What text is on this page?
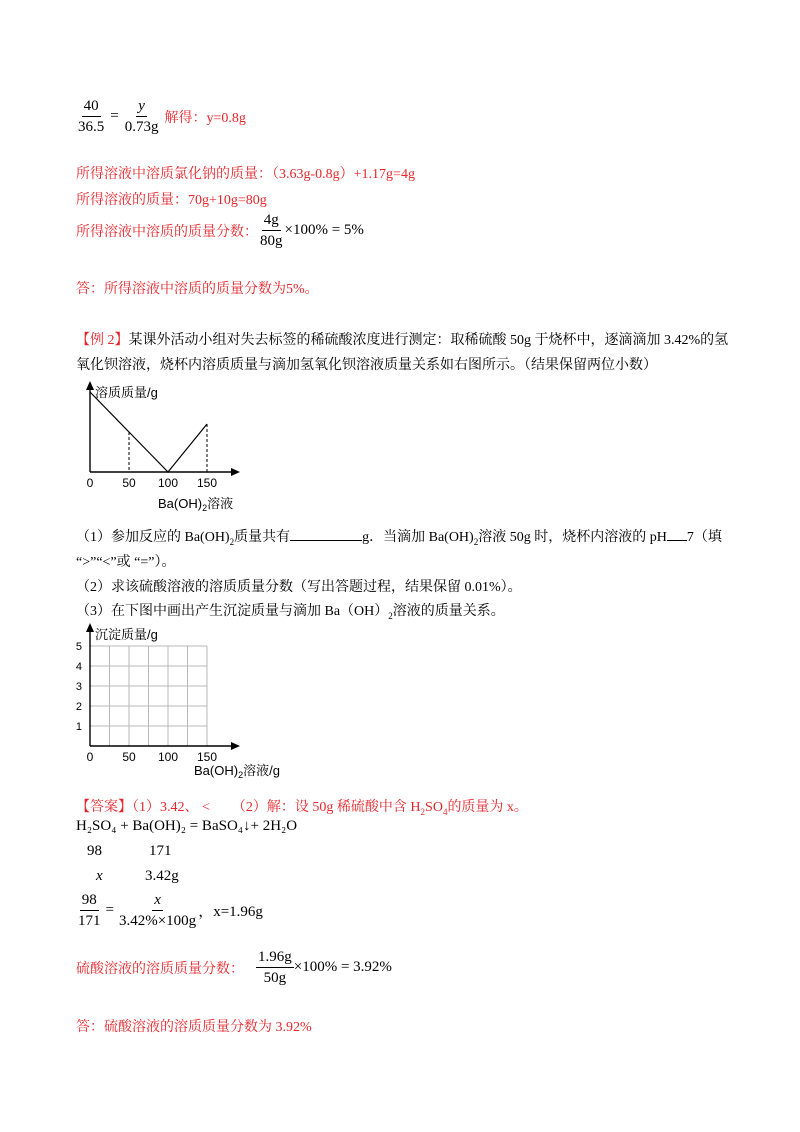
$\frac{40}{36.5} = \frac{y}{0.73g}$ 解得：y=0.8g
所得溶液中溶质氯化钠的质量：（3.63g-0.8g）+1.17g=4g
所得溶液的质量：70g+10g=80g
所得溶液中溶质的质量分数： $\frac{4g}{80g} \times 100\% = 5\%$
答：所得溶液中溶质的质量分数为5%。
【例 2】某课外活动小组对失去标签的稀硫酸浓度进行测定：取稀硫酸 50g 于烧杯中，逐滴滴加 3.42%的氢
氧化钡溶液，烧杯内溶质质量与滴加氢氧化钡溶液质量关系如右图所示。（结果保留两位小数）
溶质质量/g
0 50 100 150
$Ba(OH)_2$溶液
（1）参加反应的 $Ba(OH)_2$质量共有	g．当滴加 $Ba(OH)_2$溶液 50g 时，烧杯内溶液的 pH 7（填
“>”“<”或 “=”）。
（2）求该硫酸溶液的溶质质量分数（写出答题过程，结果保留 0.01%）。
（3）在下图中画出产生沉淀质量与滴加 $Ba(OH)_2$溶液的质量关系。
沉淀质量/g
1
2
3
4
5
0 50 100 150
$Ba(OH)_2$溶液/g
【答案】（1）3.42、 < （2）解：设 50g 稀硫酸中含 $H_2SO_4$的质量为 x。
H₂SO₄ + Ba(OH)₂ = BaSO₄↓+ 2H₂O
98	171
x	3.42g
$\frac{98}{171} = \frac{x}{3.42\%\times 100g}$ ，x=1.96g
硫酸溶液的溶质质量分数： $\frac{1.96g}{50g} \times 100\% = 3.92\%$
答：硫酸溶液的溶质质量分数为 3.92%
